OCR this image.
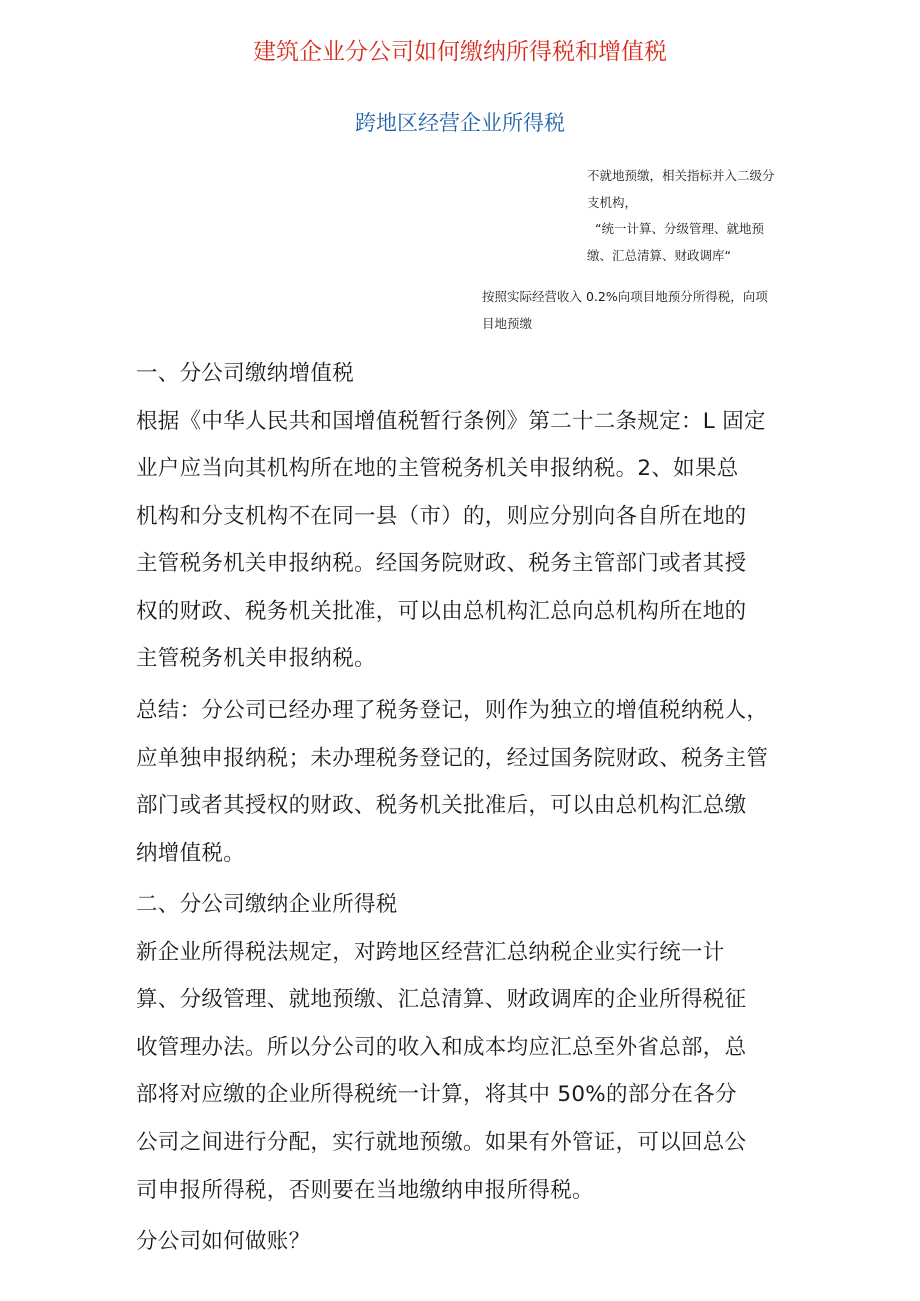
建筑企业分公司如何缴纳所得税和增值税
跨地区经营企业所得税
不就地预缴，相关指标并入二级分
支机构，
“统一计算、分级管理、就地预
缴、汇总清算、财政调库“
按照实际经营收入 0.2%向项目地预分所得税，向项
目地预缴
一、分公司缴纳增值税
根据《中华人民共和国增值税暂行条例》第二十二条规定：L 固定
业户应当向其机构所在地的主管税务机关申报纳税。2、如果总
机构和分支机构不在同一县（市）的，则应分别向各自所在地的
主管税务机关申报纳税。经国务院财政、税务主管部门或者其授
权的财政、税务机关批准，可以由总机构汇总向总机构所在地的
主管税务机关申报纳税。
总结：分公司已经办理了税务登记，则作为独立的增值税纳税人，
应单独申报纳税；未办理税务登记的，经过国务院财政、税务主管
部门或者其授权的财政、税务机关批准后，可以由总机构汇总缴
纳增值税。
二、分公司缴纳企业所得税
新企业所得税法规定，对跨地区经营汇总纳税企业实行统一计
算、分级管理、就地预缴、汇总清算、财政调库的企业所得税征
收管理办法。所以分公司的收入和成本均应汇总至外省总部，总
部将对应缴的企业所得税统一计算，将其中 50%的部分在各分
公司之间进行分配，实行就地预缴。如果有外管证，可以回总公
司申报所得税，否则要在当地缴纳申报所得税。
分公司如何做账？
